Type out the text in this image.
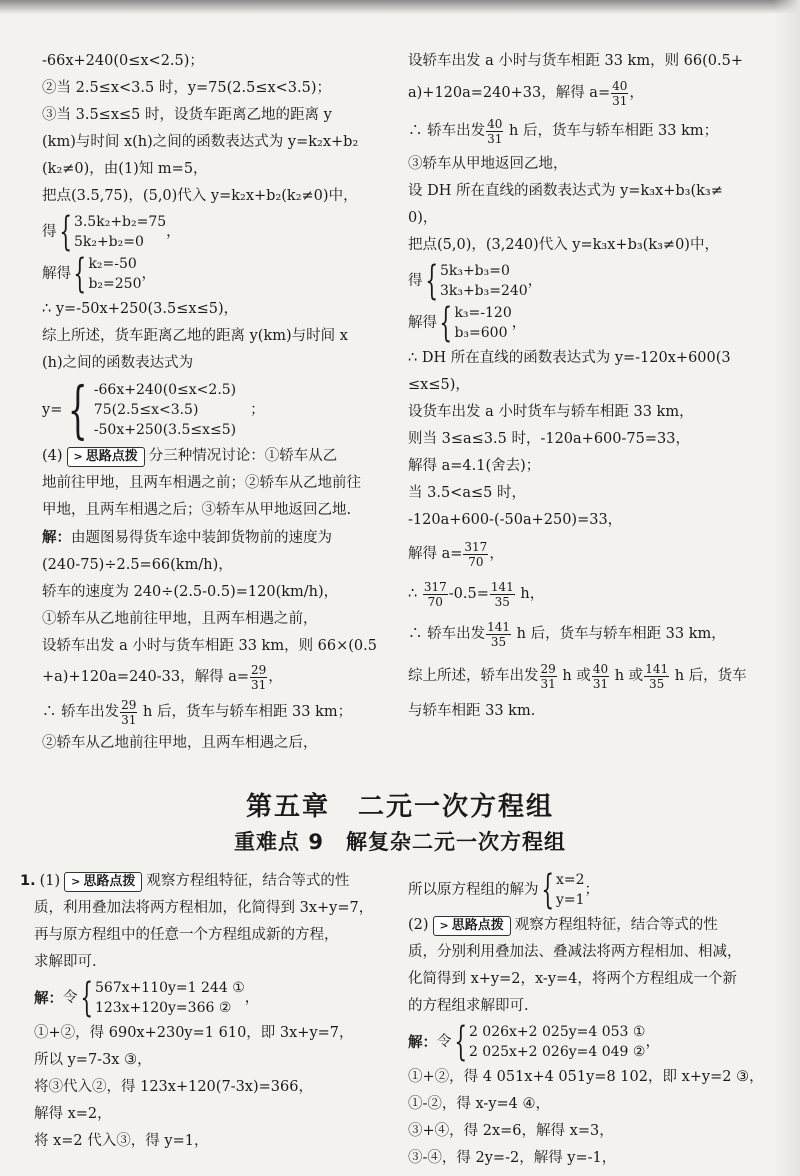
-66x+240(0≤x<2.5)；
②当 2.5≤x<3.5 时，y=75(2.5≤x<3.5)；
③当 3.5≤x≤5 时，设货车距离乙地的距离 y
(km)与时间 x(h)之间的函数表达式为 y=k₂x+b₂
(k₂≠0)，由(1)知 m=5，
把点(3.5,75)，(5,0)代入 y=k₂x+b₂(k₂≠0)中，
得 { 3.5k₂+b₂=75
5k₂+b₂=0
，
解得 { k₂=-50
b₂=250
，
∴ y=-50x+250(3.5≤x≤5)，
综上所述，货车距离乙地的距离 y(km)与时间 x
(h)之间的函数表达式为
y= { -66x+240(0≤x<2.5)
75(2.5≤x<3.5)
-50x+250(3.5≤x≤5)
；
(4) > 思路点拨 分三种情况讨论：①轿车从乙
地前往甲地，且两车相遇之前；②轿车从乙地前往
甲地，且两车相遇之后；③轿车从甲地返回乙地.
解：由题图易得货车途中装卸货物前的速度为
(240-75)÷2.5=66(km/h)，
轿车的速度为 240÷(2.5-0.5)=120(km/h)，
①轿车从乙地前往甲地，且两车相遇之前，
设轿车出发 a 小时与货车相距 33 km，则 66×(0.5
+a)+120a=240-33，解得 $a= \frac{29}{31}$ ，
∴ 轿车出发 $\frac{29}{31}$ h 后，货车与轿车相距 33 km；
②轿车从乙地前往甲地，且两车相遇之后，
设轿车出发 a 小时与货车相距 33 km，则 66(0.5+
a)+120a=240+33，解得 $a= \frac{40}{31}$ ，
∴ 轿车出发 $\frac{40}{31}$ h 后，货车与轿车相距 33 km；
③轿车从甲地返回乙地，
设 DH 所在直线的函数表达式为 y=k₃x+b₃(k₃≠
0)，
把点(5,0)，(3,240)代入 y=k₃x+b₃(k₃≠0)中，
得 { 5k₃+b₃=0
3k₃+b₃=240
，
解得 { k₃=-120
b₃=600
，
∴ DH 所在直线的函数表达式为 y=-120x+600(3
≤x≤5)，
设货车出发 a 小时货车与轿车相距 33 km，
则当 3≤a≤3.5 时，-120a+600-75=33，
解得 a=4.1(舍去)；
当 3.5<a≤5 时，
-120a+600-(-50a+250)=33，
解得 $a= \frac{317}{70}$ ，
∴ $\frac{317}{70} -0.5= \frac{141}{35}$ h，
∴ 轿车出发 $\frac{141}{35}$ h 后，货车与轿车相距 33 km，
综上所述，轿车出发 $\frac{29}{31}$ h 或 $\frac{40}{31}$ h 或 $\frac{141}{35}$ h 后，货车
与轿车相距 33 km.
第五章　二元一次方程组
重难点 9　解复杂二元一次方程组
1. (1) > 思路点拨 观察方程组特征，结合等式的性
质，利用叠加法将两方程相加，化简得到 3x+y=7，
再与原方程组中的任意一个方程组成新的方程，
求解即可.
解： 令 { 567x+110y=1 244 ①
123x+120y=366 ②
，
①+②，得 690x+230y=1 610，即 3x+y=7，
所以 y=7-3x ③，
将③代入②，得 123x+120(7-3x)=366，
解得 x=2，
将 x=2 代入③，得 y=1，
所以原方程组的解为 { x=2
y=1
；
(2) > 思路点拨 观察方程组特征，结合等式的性
质，分别利用叠加法、叠减法将两方程相加、相减，
化简得到 x+y=2，x-y=4，将两个方程组成一个新
的方程组求解即可.
解： 令 { 2 026x+2 025y=4 053 ①
2 025x+2 026y=4 049 ②
，
①+②，得 4 051x+4 051y=8 102，即 x+y=2 ③，
①-②，得 x-y=4 ④，
③+④，得 2x=6，解得 x=3，
③-④，得 2y=-2，解得 y=-1，
